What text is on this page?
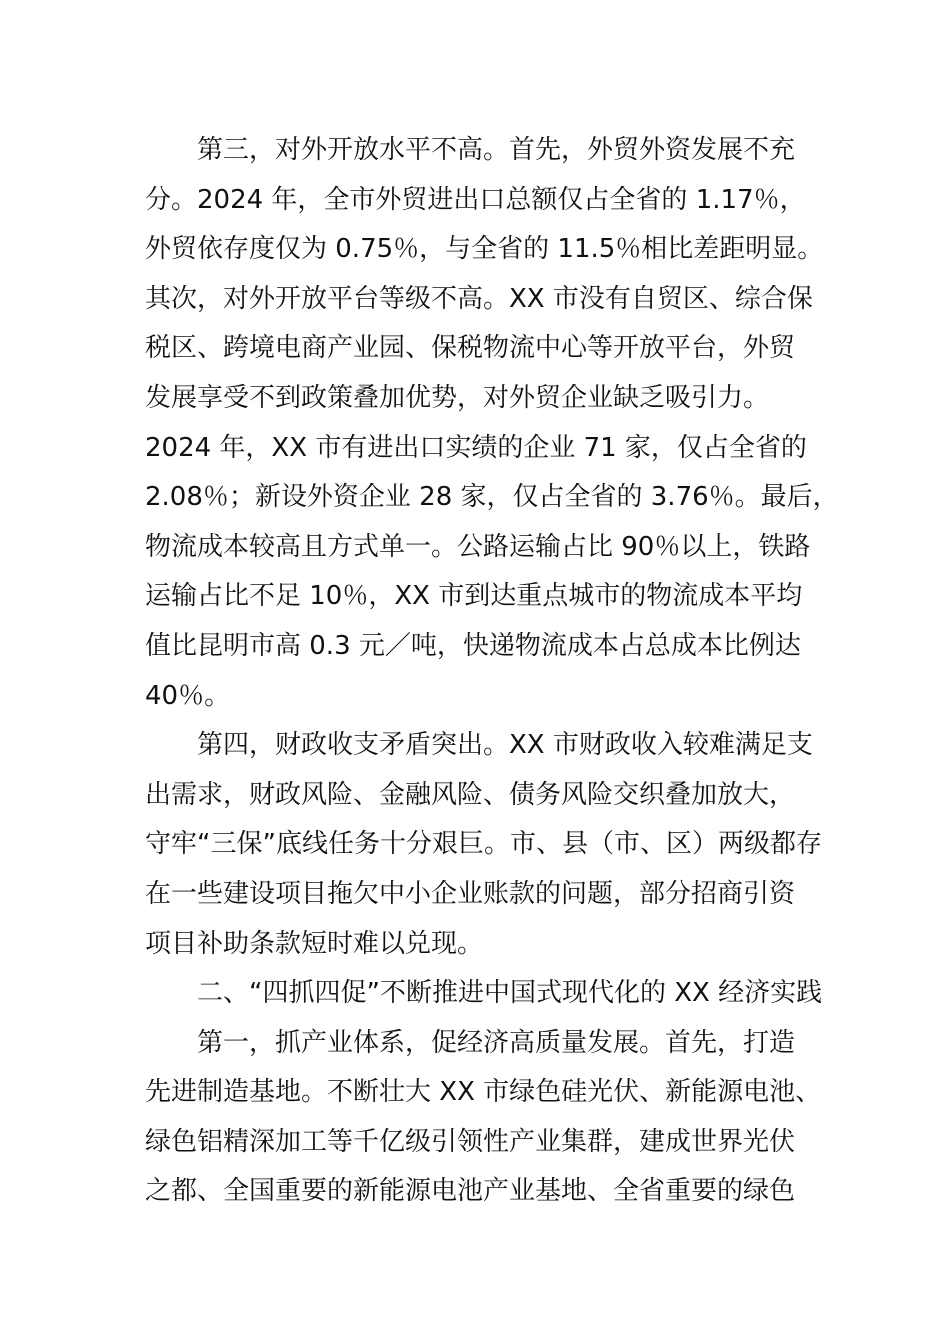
第三，对外开放水平不高。首先，外贸外资发展不充
分。2024 年，全市外贸进出口总额仅占全省的 1.17％，
外贸依存度仅为 0.75％，与全省的 11.5％相比差距明显。
其次，对外开放平台等级不高。XX 市没有自贸区、综合保
税区、跨境电商产业园、保税物流中心等开放平台，外贸
发展享受不到政策叠加优势，对外贸企业缺乏吸引力。
2024 年，XX 市有进出口实绩的企业 71 家，仅占全省的
2.08％；新设外资企业 28 家，仅占全省的 3.76％。最后，
物流成本较高且方式单一。公路运输占比 90％以上，铁路
运输占比不足 10％，XX 市到达重点城市的物流成本平均
值比昆明市高 0.3 元／吨，快递物流成本占总成本比例达
40％。
第四，财政收支矛盾突出。XX 市财政收入较难满足支
出需求，财政风险、金融风险、债务风险交织叠加放大，
守牢“三保”底线任务十分艰巨。市、县（市、区）两级都存
在一些建设项目拖欠中小企业账款的问题，部分招商引资
项目补助条款短时难以兑现。
二、“四抓四促”不断推进中国式现代化的 XX 经济实践
第一，抓产业体系，促经济高质量发展。首先，打造
先进制造基地。不断壮大 XX 市绿色硅光伏、新能源电池、
绿色铝精深加工等千亿级引领性产业集群，建成世界光伏
之都、全国重要的新能源电池产业基地、全省重要的绿色
